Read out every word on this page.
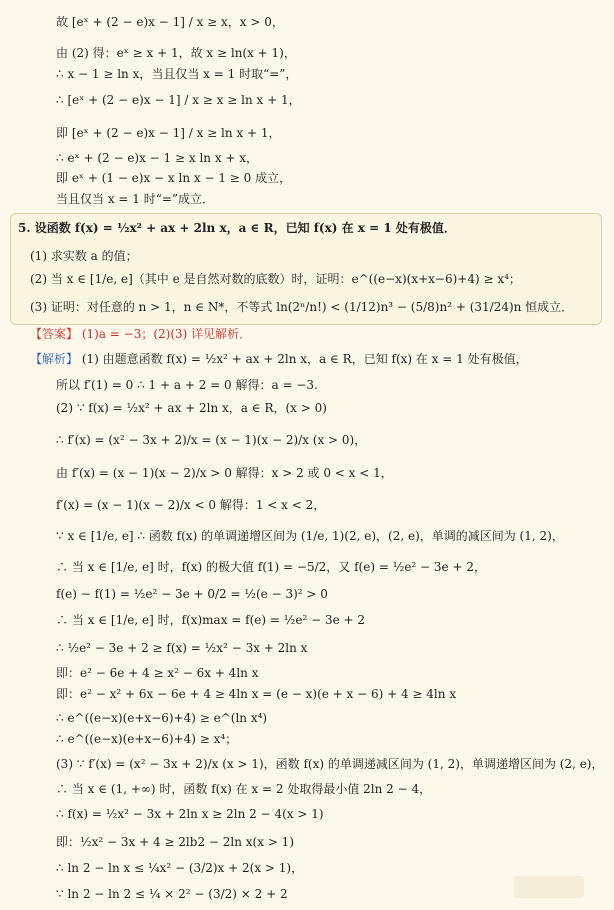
故 [eˣ + (2 − e)x − 1] / x ≥ x，x > 0，
由 (2) 得：eˣ ≥ x + 1，故 x ≥ ln(x + 1)，
∴ x − 1 ≥ ln x，当且仅当 x = 1 时取“=”，
∴ [eˣ + (2 − e)x − 1] / x ≥ x ≥ ln x + 1，
即 [eˣ + (2 − e)x − 1] / x ≥ ln x + 1，
∴ eˣ + (2 − e)x − 1 ≥ x ln x + x，
即 eˣ + (1 − e)x − x ln x − 1 ≥ 0 成立，
当且仅当 x = 1 时“=”成立．
5. 设函数 f(x) = ½x² + ax + 2ln x，a ∈ R，已知 f(x) 在 x = 1 处有极值．
(1) 求实数 a 的值；
(2) 当 x ∈ [1/e, e]（其中 e 是自然对数的底数）时，证明：e^((e−x)(x+x−6)+4) ≥ x⁴；
(3) 证明：对任意的 n > 1，n ∈ N*，不等式 ln(2ⁿ/n!) < (1/12)n³ − (5/8)n² + (31/24)n 恒成立．
【答案】 (1)a = −3；(2)(3) 详见解析．
【解析】 (1) 由题意函数 f(x) = ½x² + ax + 2ln x，a ∈ R，已知 f(x) 在 x = 1 处有极值，
所以 f′(1) = 0 ∴ 1 + a + 2 = 0 解得：a = −3.
(2) ∵ f(x) = ½x² + ax + 2ln x，a ∈ R，(x > 0)
∴ f′(x) = (x² − 3x + 2)/x = (x − 1)(x − 2)/x (x > 0)，
由 f′(x) = (x − 1)(x − 2)/x > 0 解得：x > 2 或 0 < x < 1，
f′(x) = (x − 1)(x − 2)/x < 0 解得：1 < x < 2，
∵ x ∈ [1/e, e] ∴ 函数 f(x) 的单调递增区间为 (1/e, 1)(2, e)，(2, e)，单调的减区间为 (1, 2)，
∴ 当 x ∈ [1/e, e] 时，f(x) 的极大值 f(1) = −5/2，又 f(e) = ½e² − 3e + 2，
f(e) − f(1) = ½e² − 3e + 0/2 = ½(e − 3)² > 0
∴ 当 x ∈ [1/e, e] 时，f(x)max = f(e) = ½e² − 3e + 2
∴ ½e² − 3e + 2 ≥ f(x) = ½x² − 3x + 2ln x
即：e² − 6e + 4 ≥ x² − 6x + 4ln x
即：e² − x² + 6x − 6e + 4 ≥ 4ln x = (e − x)(e + x − 6) + 4 ≥ 4ln x
∴ e^((e−x)(e+x−6)+4) ≥ e^(ln x⁴)
∴ e^((e−x)(e+x−6)+4) ≥ x⁴；
(3) ∵ f′(x) = (x² − 3x + 2)/x (x > 1)，函数 f(x) 的单调递减区间为 (1, 2)，单调递增区间为 (2, e)，
∴ 当 x ∈ (1, +∞) 时，函数 f(x) 在 x = 2 处取得最小值 2ln 2 − 4，
∴ f(x) = ½x² − 3x + 2ln x ≥ 2ln 2 − 4(x > 1)
即：½x² − 3x + 4 ≥ 2lb2 − 2ln x(x > 1)
∴ ln 2 − ln x ≤ ¼x² − (3/2)x + 2(x > 1)，
∵ ln 2 − ln 2 ≤ ¼ × 2² − (3/2) × 2 + 2
